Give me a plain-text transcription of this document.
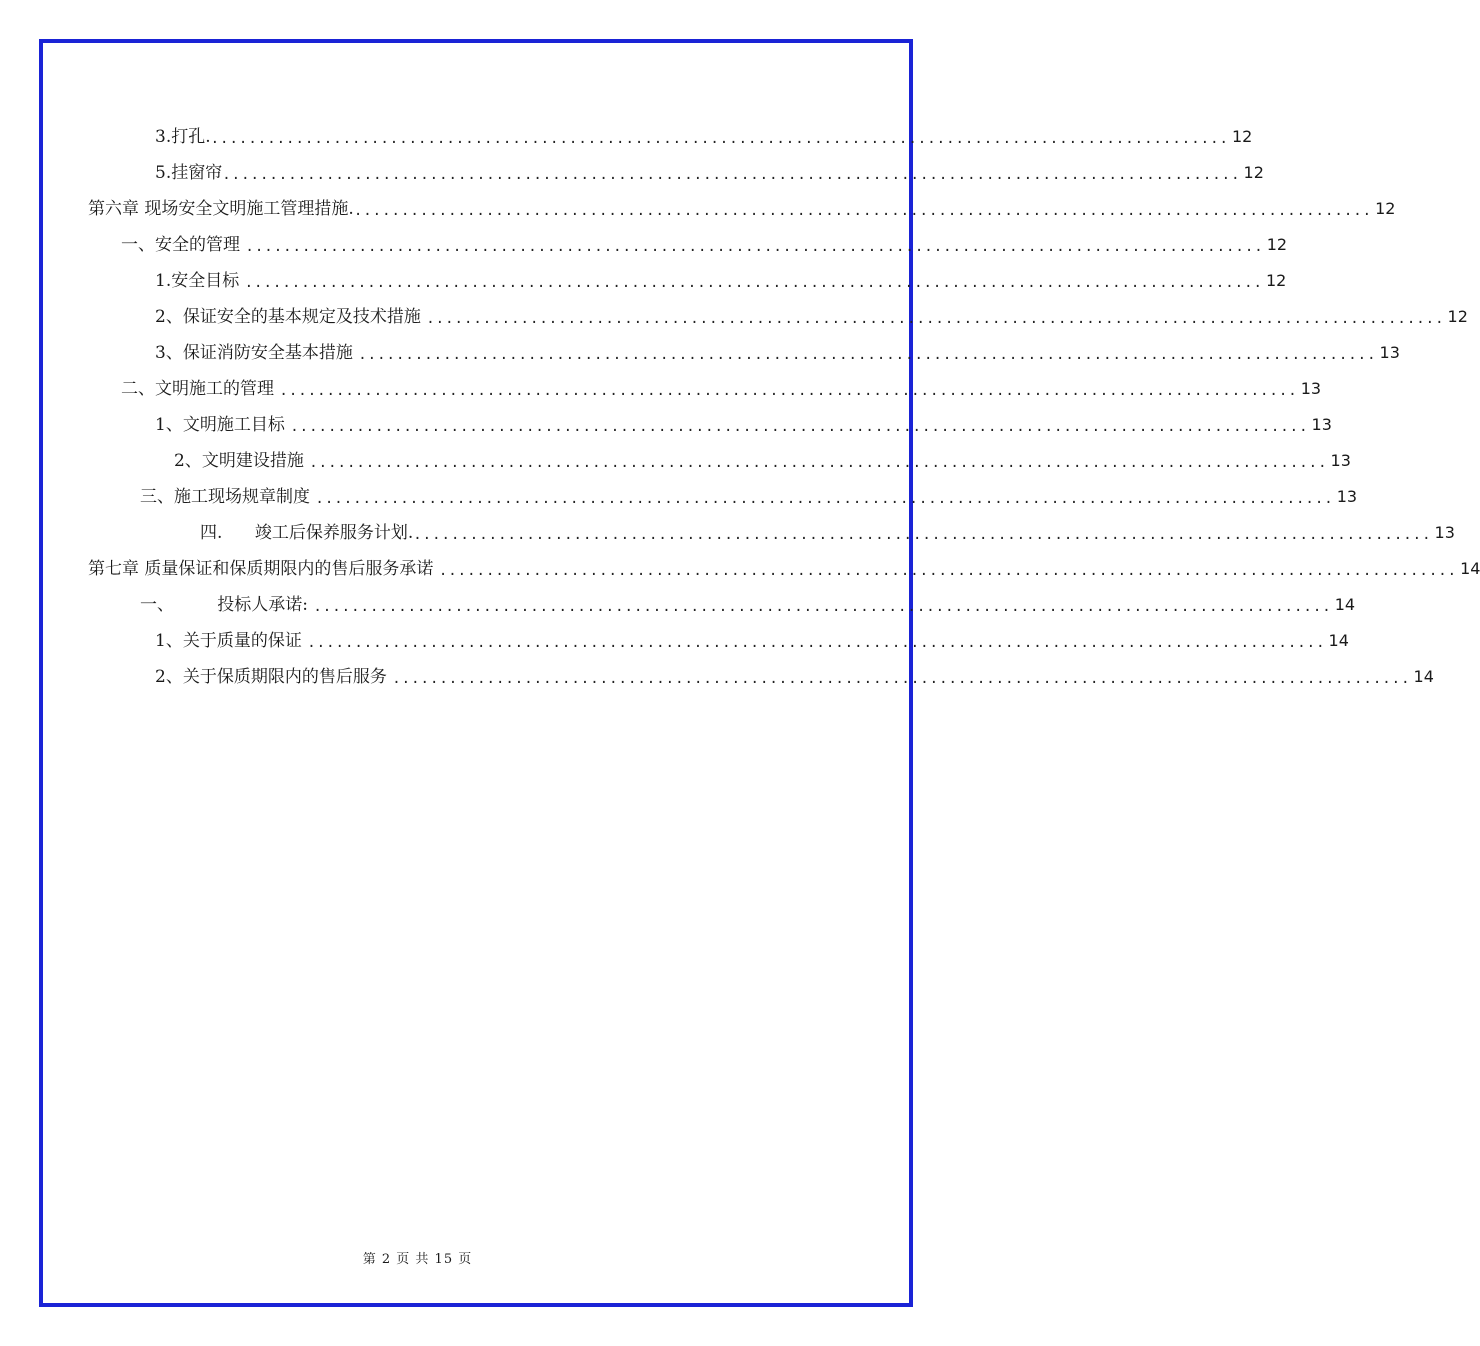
3.打孔. ............................................................................................................ 12
5.挂窗帘 ............................................................................................................ 12
第六章 现场安全文明施工管理措施. ............................................................................................................ 12
一、安全的管理 ............................................................................................................ 12
1.安全目标 ............................................................................................................ 12
2、保证安全的基本规定及技术措施 ............................................................................................................ 12
3、保证消防安全基本措施 ............................................................................................................ 13
二、文明施工的管理 ............................................................................................................ 13
1、文明施工目标 ............................................................................................................ 13
2、文明建设措施 ............................................................................................................ 13
三、施工现场规章制度 ............................................................................................................ 13
四.      竣工后保养服务计划. ............................................................................................................ 13
第七章 质量保证和保质期限内的售后服务承诺 ............................................................................................................ 14
一、        投标人承诺: ............................................................................................................ 14
1、关于质量的保证 ............................................................................................................ 14
2、关于保质期限内的售后服务 ............................................................................................................ 14
第 2 页 共 15 页
